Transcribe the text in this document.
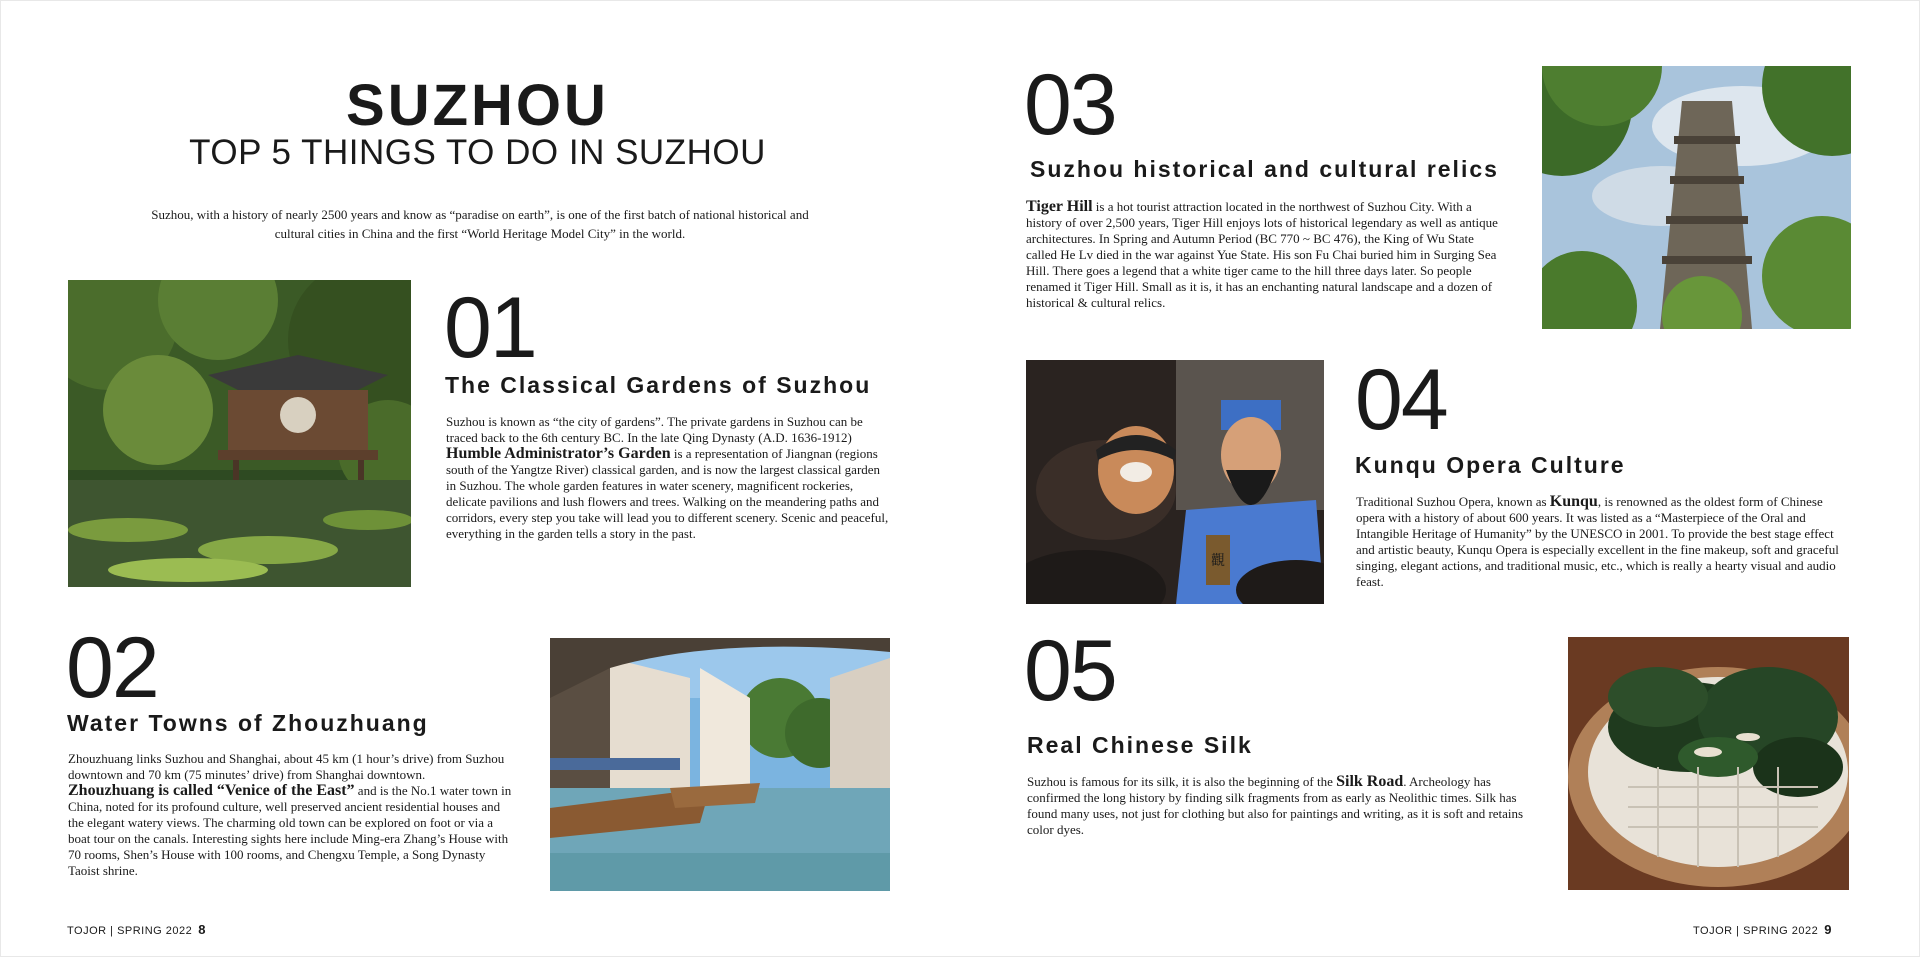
SUZHOU
TOP 5 THINGS TO DO IN SUZHOU
Suzhou, with a history of nearly 2500 years and know as “paradise on earth”, is one of the first batch of national historical and cultural cities in China and the first “World Heritage Model City” in the world.
01
The Classical Gardens of Suzhou
Suzhou is known as “the city of gardens”. The private gardens in Suzhou can be traced back to the 6th century BC. In the late Qing Dynasty (A.D. 1636-1912)
Humble Administrator’s Garden is a representation of Jiangnan (regions south of the Yangtze River) classical garden, and is now the largest classical garden in Suzhou. The whole garden features in water scenery, magnificent rockeries, delicate pavilions and lush flowers and trees. Walking on the meandering paths and corridors, every step you take will lead you to different scenery. Scenic and peaceful, everything in the garden tells a story in the past.
02
Water Towns of Zhouzhuang
Zhouzhuang links Suzhou and Shanghai, about 45 km (1 hour’s drive) from Suzhou downtown and 70 km (75 minutes’ drive) from Shanghai downtown.
Zhouzhuang is called “Venice of the East” and is the No.1 water town in China, noted for its profound culture, well preserved ancient residential houses and the elegant watery views. The charming old town can be explored on foot or via a boat tour on the canals. Interesting sights here include Ming-era Zhang’s House with 70 rooms, Shen’s House with 100 rooms, and Chengxu Temple, a Song Dynasty Taoist shrine.
03
Suzhou historical and cultural relics
Tiger Hill is a hot tourist attraction located in the northwest of Suzhou City. With a history of over 2,500 years, Tiger Hill enjoys lots of historical legendary as well as antique architectures. In Spring and Autumn Period (BC 770 ~ BC 476), the King of Wu State called He Lv died in the war against Yue State. His son Fu Chai buried him in Surging Sea Hill. There goes a legend that a white tiger came to the hill three days later. So people renamed it Tiger Hill. Small as it is, it has an enchanting natural landscape and a dozen of historical & cultural relics.
觀
04
Kunqu Opera Culture
Traditional Suzhou Opera, known as Kunqu, is renowned as the oldest form of Chinese opera with a history of about 600 years. It was listed as a “Masterpiece of the Oral and Intangible Heritage of Humanity” by the UNESCO in 2001. To provide the best stage effect and artistic beauty, Kunqu Opera is especially excellent in the fine makeup, soft and graceful singing, elegant actions, and traditional music, etc., which is really a hearty visual and audio feast.
05
Real Chinese Silk
Suzhou is famous for its silk, it is also the beginning of the Silk Road. Archeology has confirmed the long history by finding silk fragments from as early as Neolithic times. Silk has found many uses, not just for clothing but also for paintings and writing, as it is soft and retains color dyes.
TOJOR | SPRING 2022 8	TOJOR | SPRING 2022 9
